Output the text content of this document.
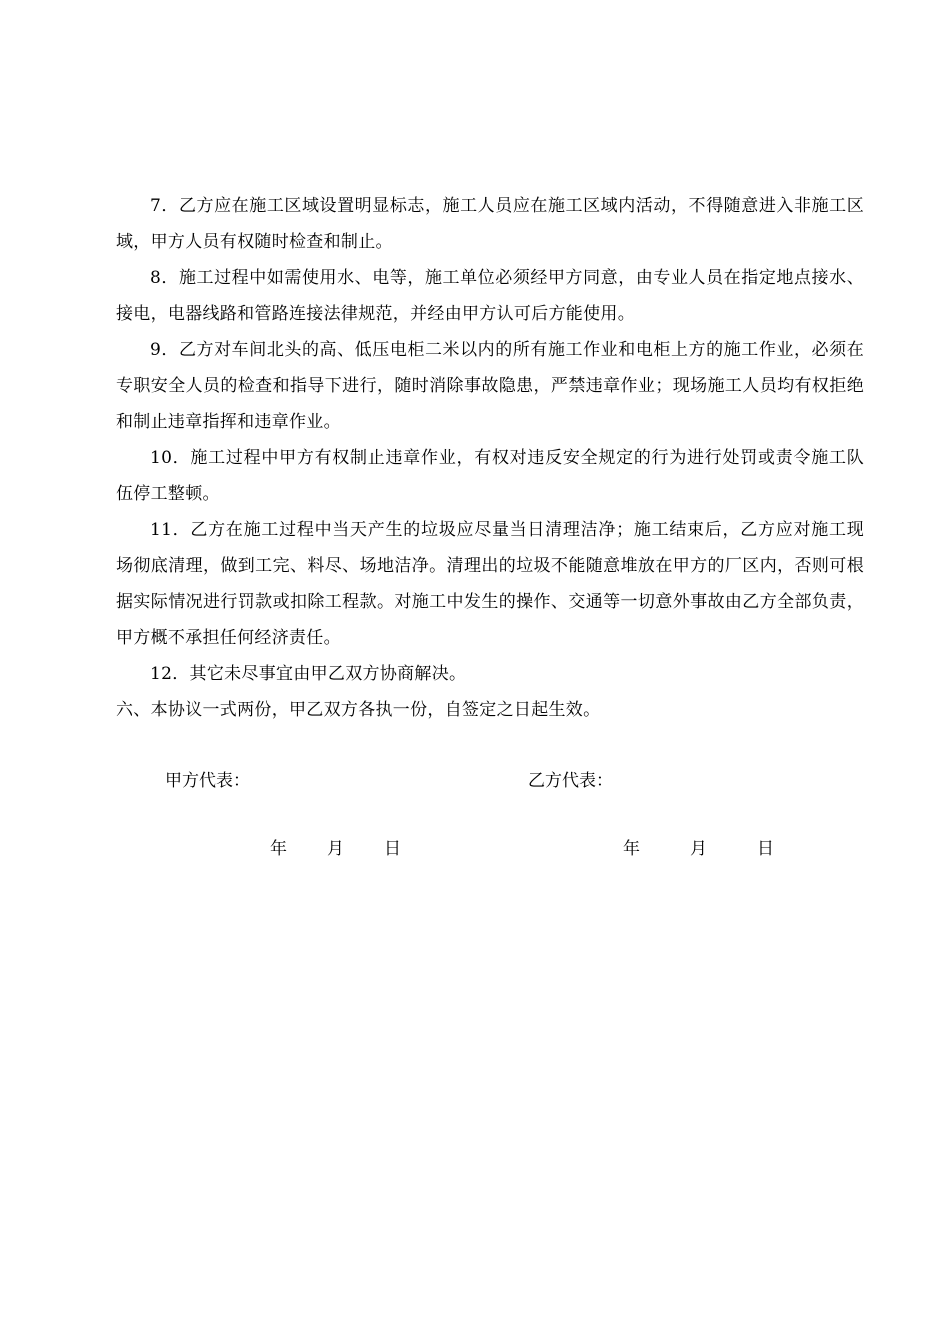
7．乙方应在施工区域设置明显标志，施工人员应在施工区域内活动，不得随意进入非施工区域，甲方人员有权随时检查和制止。

8．施工过程中如需使用水、电等，施工单位必须经甲方同意，由专业人员在指定地点接水、接电，电器线路和管路连接法律规范，并经由甲方认可后方能使用。

9．乙方对车间北头的高、低压电柜二米以内的所有施工作业和电柜上方的施工作业，必须在专职安全人员的检查和指导下进行，随时消除事故隐患，严禁违章作业；现场施工人员均有权拒绝和制止违章指挥和违章作业。

10．施工过程中甲方有权制止违章作业，有权对违反安全规定的行为进行处罚或责令施工队伍停工整顿。

11．乙方在施工过程中当天产生的垃圾应尽量当日清理洁净；施工结束后，乙方应对施工现场彻底清理，做到工完、料尽、场地洁净。清理出的垃圾不能随意堆放在甲方的厂区内，否则可根据实际情况进行罚款或扣除工程款。对施工中发生的操作、交通等一切意外事故由乙方全部负责，甲方概不承担任何经济责任。

12．其它未尽事宜由甲乙双方协商解决。

六、本协议一式两份，甲乙双方各执一份，自签定之日起生效。

甲方代表：	乙方代表：
年 月 日	年	月	日
